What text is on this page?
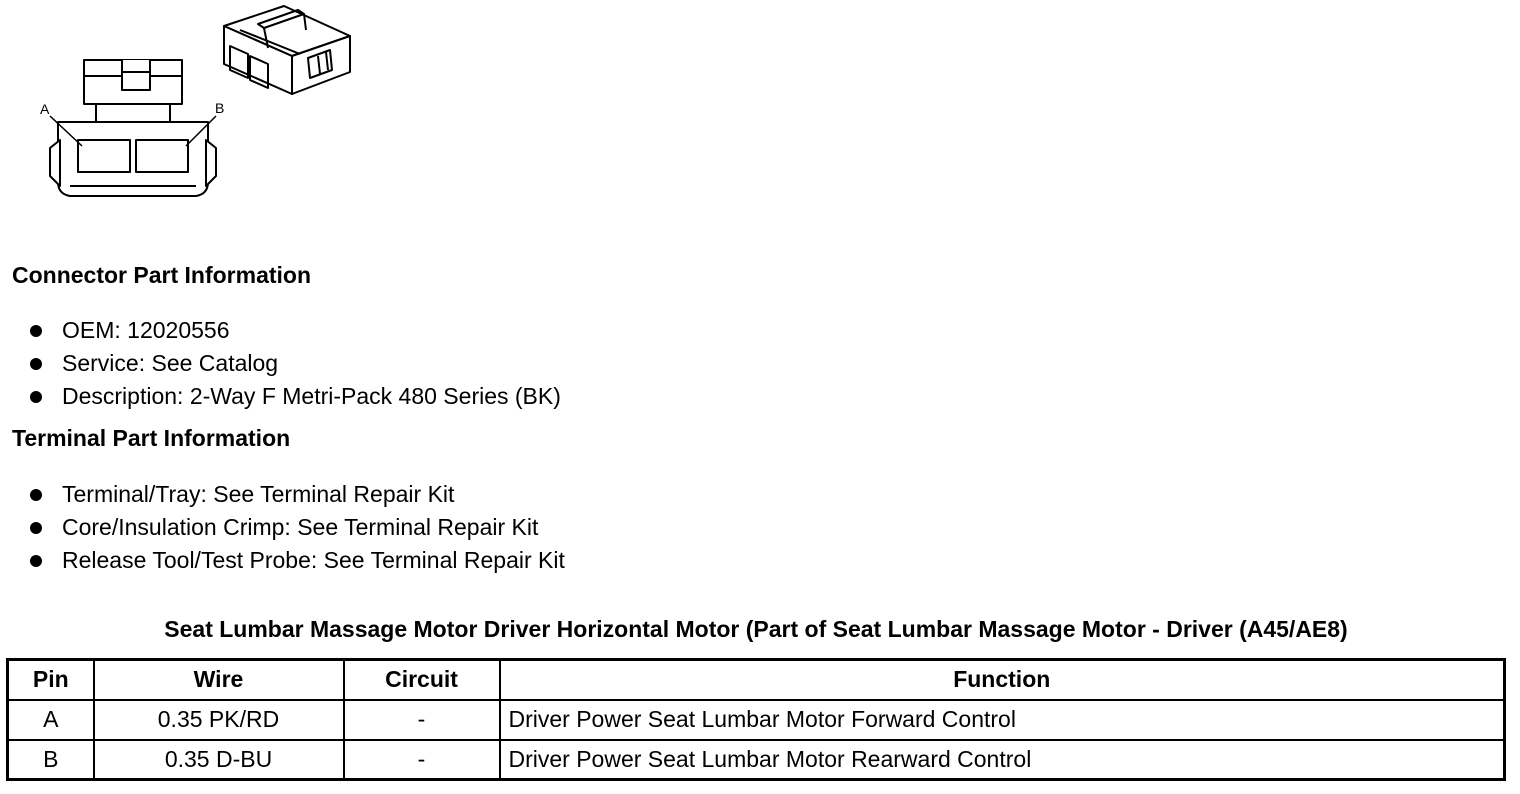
A	B
Connector Part Information
OEM: 12020556
Service: See Catalog
Description: 2-Way F Metri-Pack 480 Series (BK)
Terminal Part Information
Terminal/Tray: See Terminal Repair Kit
Core/Insulation Crimp: See Terminal Repair Kit
Release Tool/Test Probe: See Terminal Repair Kit
Seat Lumbar Massage Motor Driver Horizontal Motor (Part of Seat Lumbar Massage Motor - Driver (A45/AE8)
Pin	Wire	Circuit	Function
A	0.35 PK/RD	-	Driver Power Seat Lumbar Motor Forward Control
B	0.35 D-BU	-	Driver Power Seat Lumbar Motor Rearward Control
